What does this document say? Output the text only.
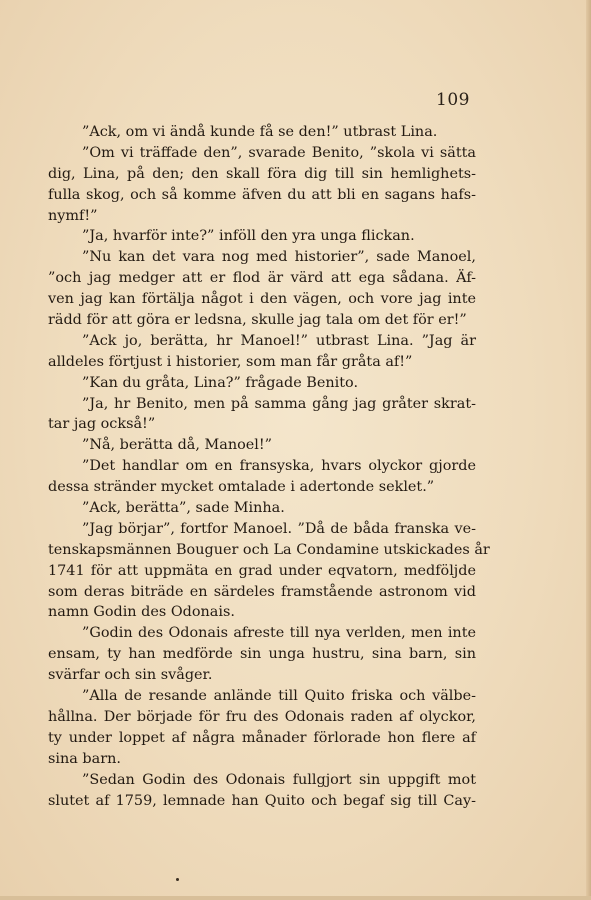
109
”Ack, om vi ändå kunde få se den!” utbrast Lina.
”Om vi träffade den”, svarade Benito, ”skola vi sätta
dig, Lina, på den; den skall föra dig till sin hemlighets-
fulla skog, och så komme äfven du att bli en sagans hafs-
nymf!”
”Ja, hvarför inte?” inföll den yra unga flickan.
”Nu kan det vara nog med historier”, sade Manoel,
”och jag medger att er flod är värd att ega sådana. Äf-
ven jag kan förtälja något i den vägen, och vore jag inte
rädd för att göra er ledsna, skulle jag tala om det för er!”
”Ack jo, berätta, hr Manoel!” utbrast Lina. ”Jag är
alldeles förtjust i historier, som man får gråta af!”
”Kan du gråta, Lina?” frågade Benito.
”Ja, hr Benito, men på samma gång jag gråter skrat-
tar jag också!”
”Nå, berätta då, Manoel!”
”Det handlar om en fransyska, hvars olyckor gjorde
dessa stränder mycket omtalade i adertonde seklet.”
”Ack, berätta”, sade Minha.
”Jag börjar”, fortfor Manoel. ”Då de båda franska ve-
tenskapsmännen Bouguer och La Condamine utskickades år
1741 för att uppmäta en grad under eqvatorn, medföljde
som deras biträde en särdeles framstående astronom vid
namn Godin des Odonais.
”Godin des Odonais afreste till nya verlden, men inte
ensam, ty han medförde sin unga hustru, sina barn, sin
svärfar och sin svåger.
”Alla de resande anlände till Quito friska och välbe-
hållna. Der började för fru des Odonais raden af olyckor,
ty under loppet af några månader förlorade hon flere af
sina barn.
”Sedan Godin des Odonais fullgjort sin uppgift mot
slutet af 1759, lemnade han Quito och begaf sig till Cay-
